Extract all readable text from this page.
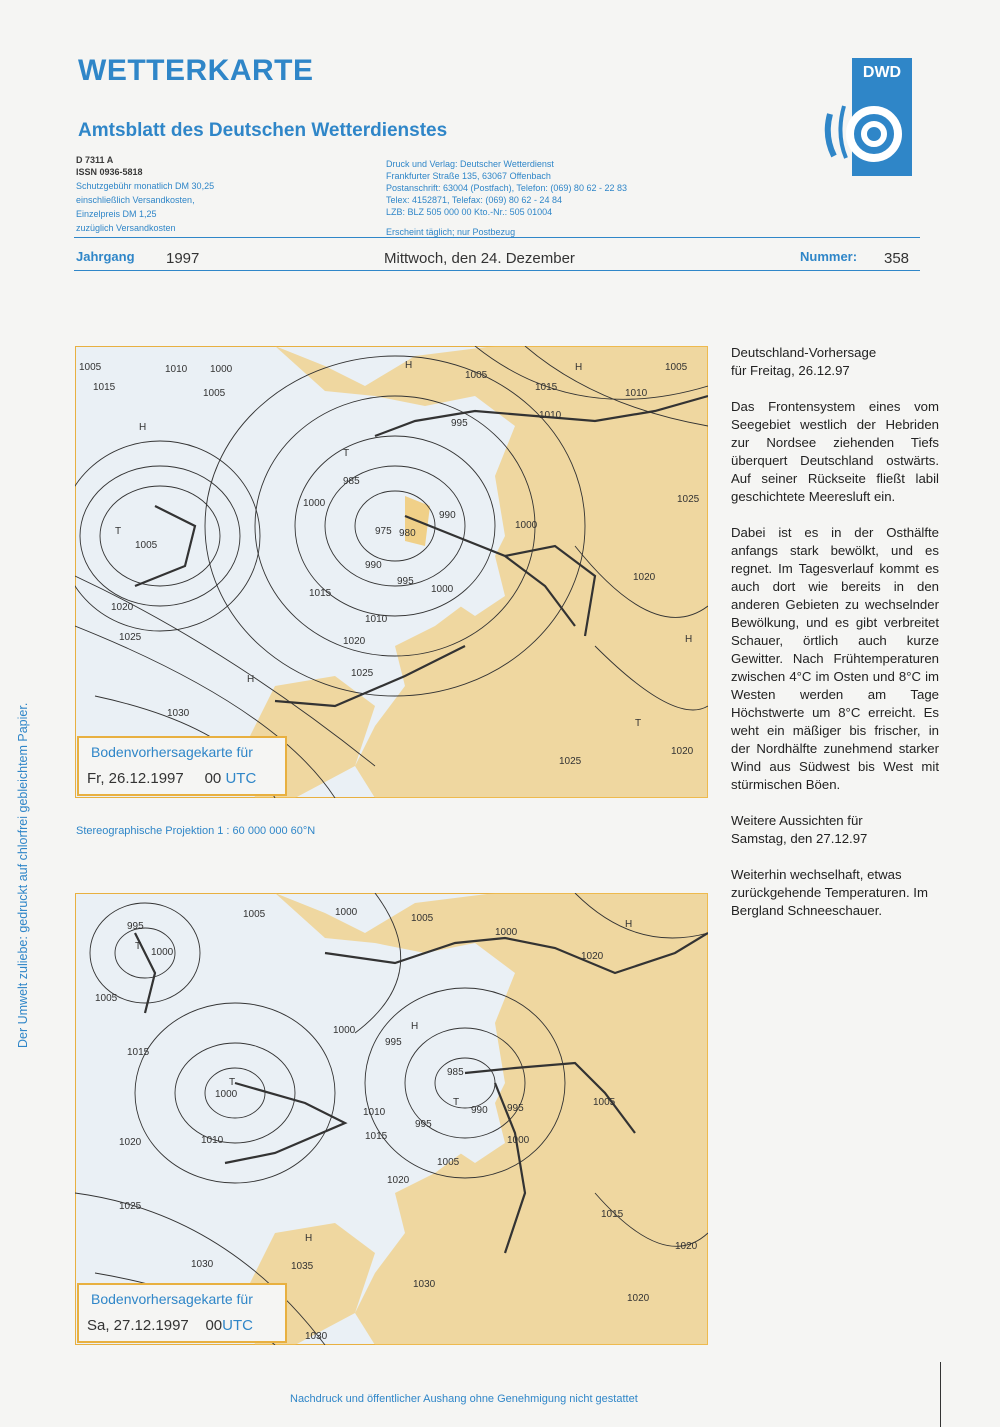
WETTERKARTE
Amtsblatt des Deutschen Wetterdienstes
DWD
D 7311 A
ISSN 0936-5818
Schutzgebühr monatlich DM 30,25
einschließlich Versandkosten,
Einzelpreis DM 1,25
zuzüglich Versandkosten
Druck und Verlag: Deutscher Wetterdienst
Frankfurter Straße 135, 63067 Offenbach
Postanschrift: 63004 (Postfach), Telefon: (069) 80 62 - 22 83
Telex: 4152871, Telefax: (069) 80 62 - 24 84
LZB: BLZ 505 000 00 Kto.-Nr.: 505 01004
Erscheint täglich; nur Postbezug
Jahrgang 1997	Mittwoch, den 24. Dezember	Nummer: 358
1005
1015
1010 1000
1005
H
1005
H
1015
1005
1010
995
1010
1025
H
T
985
1000
975 980
990
1000
T
1005
990
995
1000
1015
1010
1020
1020
1025
1020
H
H
1025
1030
T
1020
1025
Bodenvorhersagekarte für
Fr, 26.12.1997 00 UTC
Stereographische Projektion 1 : 60 000 000 60°N
995
T
1000
1005	1000
1005
1000
H
1020
1005
1015
H
1000
995
T
1000
985
T
990 995
1005
1010
1015
995
1000
1020	1010
1020
1005
1025
1015
H
1030	1035
1030
1020
1030
1020
Bodenvorhersagekarte für
Sa, 27.12.1997 00UTC

Deutschland-Vorhersage
für Freitag, 26.12.97

Das Frontensystem eines vom Seegebiet westlich der Hebriden zur Nordsee ziehenden Tiefs überquert Deutschland ostwärts. Auf seiner Rückseite fließt labil geschichtete Meeresluft ein.

Dabei ist es in der Osthälfte anfangs stark bewölkt, und es regnet. Im Tagesverlauf kommt es auch dort wie bereits in den anderen Gebieten zu wechselnder Bewölkung, und es gibt verbreitet Schauer, örtlich auch kurze Gewitter. Nach Frühtemperaturen zwischen 4°C im Osten und 8°C im Westen werden am Tage Höchstwerte um 8°C erreicht. Es weht ein mäßiger bis frischer, in der Nordhälfte zunehmend starker Wind aus Südwest bis West mit stürmischen Böen.

Weitere Aussichten für
Samstag, den 27.12.97

Weiterhin wechselhaft, etwas zurückgehende Temperaturen. Im Bergland Schneeschauer.

Der Umwelt zuliebe: gedruckt auf chlorfrei gebleichtem Papier.
Nachdruck und öffentlicher Aushang ohne Genehmigung nicht gestattet
